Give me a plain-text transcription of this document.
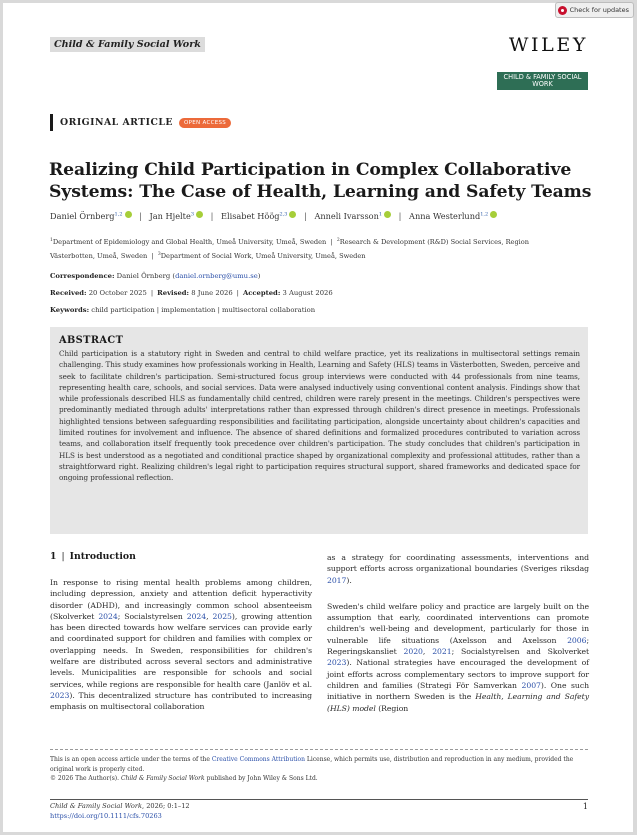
Child & Family Social Work	WILEY
CHILD & FAMILY SOCIAL WORK
ORIGINAL ARTICLE	OPEN ACCESS
Realizing Child Participation in Complex Collaborative Systems: The Case of Health, Learning and Safety Teams
Daniel Örnberg$^{1,2}$ | Jan Hjelte$^3$ | Elisabet Höög$^{2,3}$ | Anneli Ivarsson$^1$ | Anna Westerlund$^{1,2}$
$^1$Department of Epidemiology and Global Health, Umeå University, Umeå, Sweden  |  $^2$Research & Development (R&D) Social Services, Region Västerbotten, Umeå, Sweden  |  $^3$Department of Social Work, Umeå University, Umeå, Sweden
Correspondence: Daniel Örnberg (daniel.ornberg@umu.se)
Received: 20 October 2025 | Revised: 8 June 2026 | Accepted: 3 August 2026
Keywords: child participation | implementation | multisectoral collaboration
ABSTRACT

Child participation is a statutory right in Sweden and central to child welfare practice, yet its realizations in multisectoral settings remain challenging. This study examines how professionals working in Health, Learning and Safety (HLS) teams in Västerbotten, Sweden, perceive and seek to facilitate children's participation. Semi-structured focus group interviews were conducted with 44 professionals from nine teams, representing health care, schools, and social services. Data were analysed inductively using conventional content analysis. Findings show that while professionals described HLS as fundamentally child centred, children were rarely present in the meetings. Children's perspectives were predominantly mediated through adults' interpretations rather than expressed through children's direct presence in meetings. Professionals highlighted tensions between safeguarding responsibilities and facilitating participation, alongside uncertainty about children's capacities and limited routines for involvement and influence. The absence of shared definitions and formalized procedures contributed to variation across teams, and collaboration itself frequently took precedence over children's participation. The study concludes that children's participation in HLS is best understood as a negotiated and conditional practice shaped by organizational complexity and professional attitudes, rather than a straightforward right. Realizing children's legal right to participation requires structural support, shared frameworks and dedicated space for ongoing professional reflection.

1 | Introduction

In response to rising mental health problems among children, including depression, anxiety and attention deficit hyperactivity disorder (ADHD), and increasingly common school absenteeism (Skolverket 2024; Socialstyrelsen 2024, 2025), growing attention has been directed towards how welfare services can provide early and coordinated support for children and families with complex or overlapping needs. In Sweden, responsibilities for children's welfare are distributed across several sectors and administrative levels. Municipalities are responsible for schools and social services, while regions are responsible for health care (Janlöv et al. 2023). This decentralized structure has contributed to increasing emphasis on multisectoral collaboration

as a strategy for coordinating assessments, interventions and support efforts across organizational boundaries (Sveriges riksdag 2017).

Sweden's child welfare policy and practice are largely built on the assumption that early, coordinated interventions can promote children's well-being and development, particularly for those in vulnerable life situations (Axelsson and Axelsson 2006; Regeringskansliet 2020, 2021; Socialstyrelsen and Skolverket 2023). National strategies have encouraged the development of joint efforts across complementary sectors to improve support for children and families (Strategi För Samverkan 2007). One such initiative in northern Sweden is the Health, Learning and Safety (HLS) model (Region

This is an open access article under the terms of the Creative Commons Attribution License, which permits use, distribution and reproduction in any medium, provided the original work is properly cited.
© 2026 The Author(s). Child & Family Social Work published by John Wiley & Sons Ltd.
Child & Family Social Work, 2026; 0:1–12
https://doi.org/10.1111/cfs.70263
1
Check for updates
